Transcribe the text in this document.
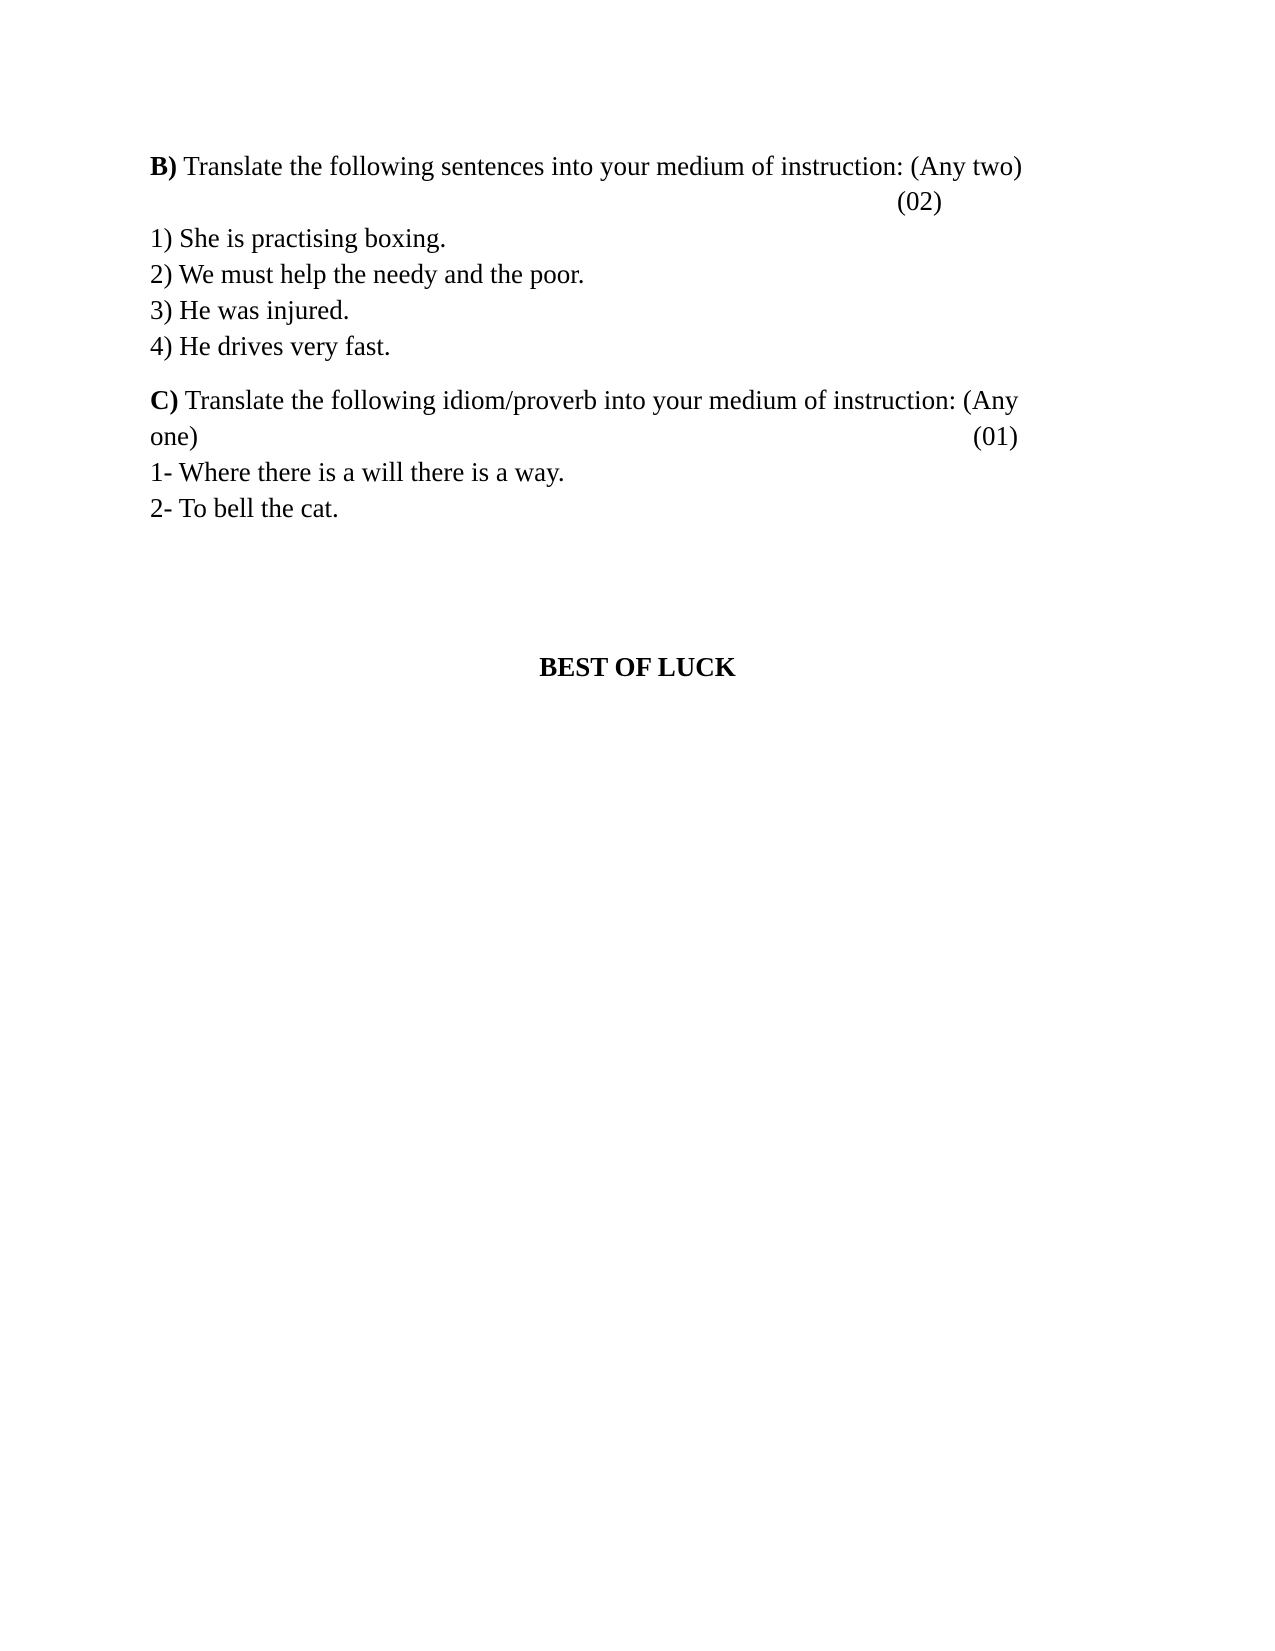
B) Translate the following sentences into your medium of instruction: (Any two)
(02)
1) She is practising boxing.
2) We must help the needy and the poor.
3) He was injured.
4) He drives very fast.
C) Translate the following idiom/proverb into your medium of instruction: (Any
one)	(01)
1- Where there is a will there is a way.
2- To bell the cat.
BEST OF LUCK
